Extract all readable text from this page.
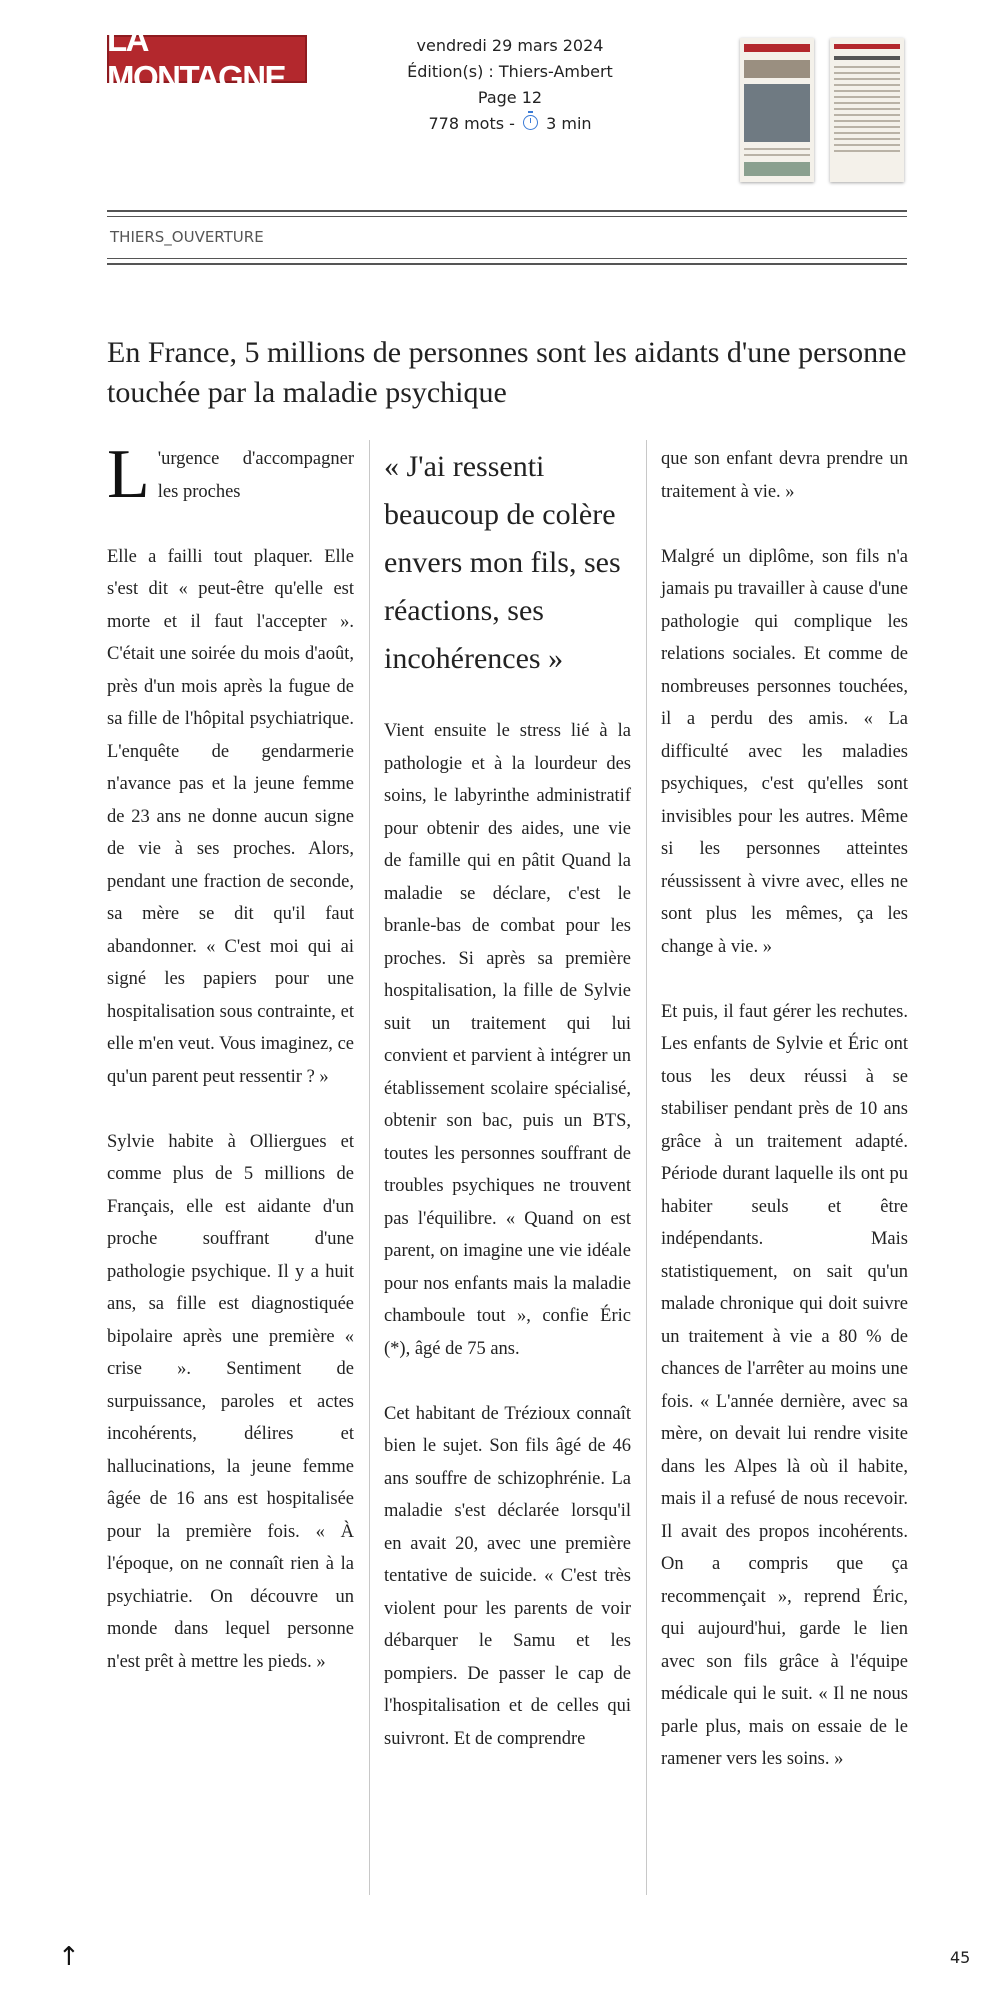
LA MONTAGNE
vendredi 29 mars 2024
Édition(s) : Thiers-Ambert
Page 12
778 mots - 3 min
THIERS_OUVERTURE
En France, 5 millions de personnes sont les aidants d'une personne touchée par la maladie psychique
L 'urgence d'accompagner les proches

Elle a failli tout plaquer. Elle s'est dit « peut-être qu'elle est morte et il faut l'accepter ». C'était une soirée du mois d'août, près d'un mois après la fugue de sa fille de l'hôpital psychiatrique. L'enquête de gendarmerie n'avance pas et la jeune femme de 23 ans ne donne aucun signe de vie à ses proches. Alors, pendant une fraction de seconde, sa mère se dit qu'il faut abandonner. « C'est moi qui ai signé les papiers pour une hospitalisation sous contrainte, et elle m'en veut. Vous imaginez, ce qu'un parent peut ressentir ? »

Sylvie habite à Olliergues et comme plus de 5 millions de Français, elle est aidante d'un proche souffrant d'une pathologie psychique. Il y a huit ans, sa fille est diagnostiquée bipolaire après une première « crise ». Sentiment de surpuissance, paroles et actes incohérents, délires et hallucinations, la jeune femme âgée de 16 ans est hospitalisée pour la première fois. « À l'époque, on ne connaît rien à la psychiatrie. On découvre un monde dans lequel personne n'est prêt à mettre les pieds. »

« J'ai ressenti beaucoup de colère envers mon fils, ses réactions, ses incohérences »

Vient ensuite le stress lié à la pathologie et à la lourdeur des soins, le labyrinthe administratif pour obtenir des aides, une vie de famille qui en pâtit Quand la maladie se déclare, c'est le branle-bas de combat pour les proches. Si après sa première hospitalisation, la fille de Sylvie suit un traitement qui lui convient et parvient à intégrer un établissement scolaire spécialisé, obtenir son bac, puis un BTS, toutes les personnes souffrant de troubles psychiques ne trouvent pas l'équilibre. « Quand on est parent, on imagine une vie idéale pour nos enfants mais la maladie chamboule tout », confie Éric (*), âgé de 75 ans.

Cet habitant de Trézioux connaît bien le sujet. Son fils âgé de 46 ans souffre de schizophrénie. La maladie s'est déclarée lorsqu'il en avait 20, avec une première tentative de suicide. « C'est très violent pour les parents de voir débarquer le Samu et les pompiers. De passer le cap de l'hospitalisation et de celles qui suivront. Et de comprendre

que son enfant devra prendre un traitement à vie. »

Malgré un diplôme, son fils n'a jamais pu travailler à cause d'une pathologie qui complique les relations sociales. Et comme de nombreuses personnes touchées, il a perdu des amis. « La difficulté avec les maladies psychiques, c'est qu'elles sont invisibles pour les autres. Même si les personnes atteintes réussissent à vivre avec, elles ne sont plus les mêmes, ça les change à vie. »

Et puis, il faut gérer les rechutes. Les enfants de Sylvie et Éric ont tous les deux réussi à se stabiliser pendant près de 10 ans grâce à un traitement adapté. Période durant laquelle ils ont pu habiter seuls et être indépendants. Mais statistiquement, on sait qu'un malade chronique qui doit suivre un traitement à vie a 80 % de chances de l'arrêter au moins une fois. « L'année dernière, avec sa mère, on devait lui rendre visite dans les Alpes là où il habite, mais il a refusé de nous recevoir. Il avait des propos incohérents. On a compris que ça recommençait », reprend Éric, qui aujourd'hui, garde le lien avec son fils grâce à l'équipe médicale qui le suit. « Il ne nous parle plus, mais on essaie de le ramener vers les soins. »

↑	45
